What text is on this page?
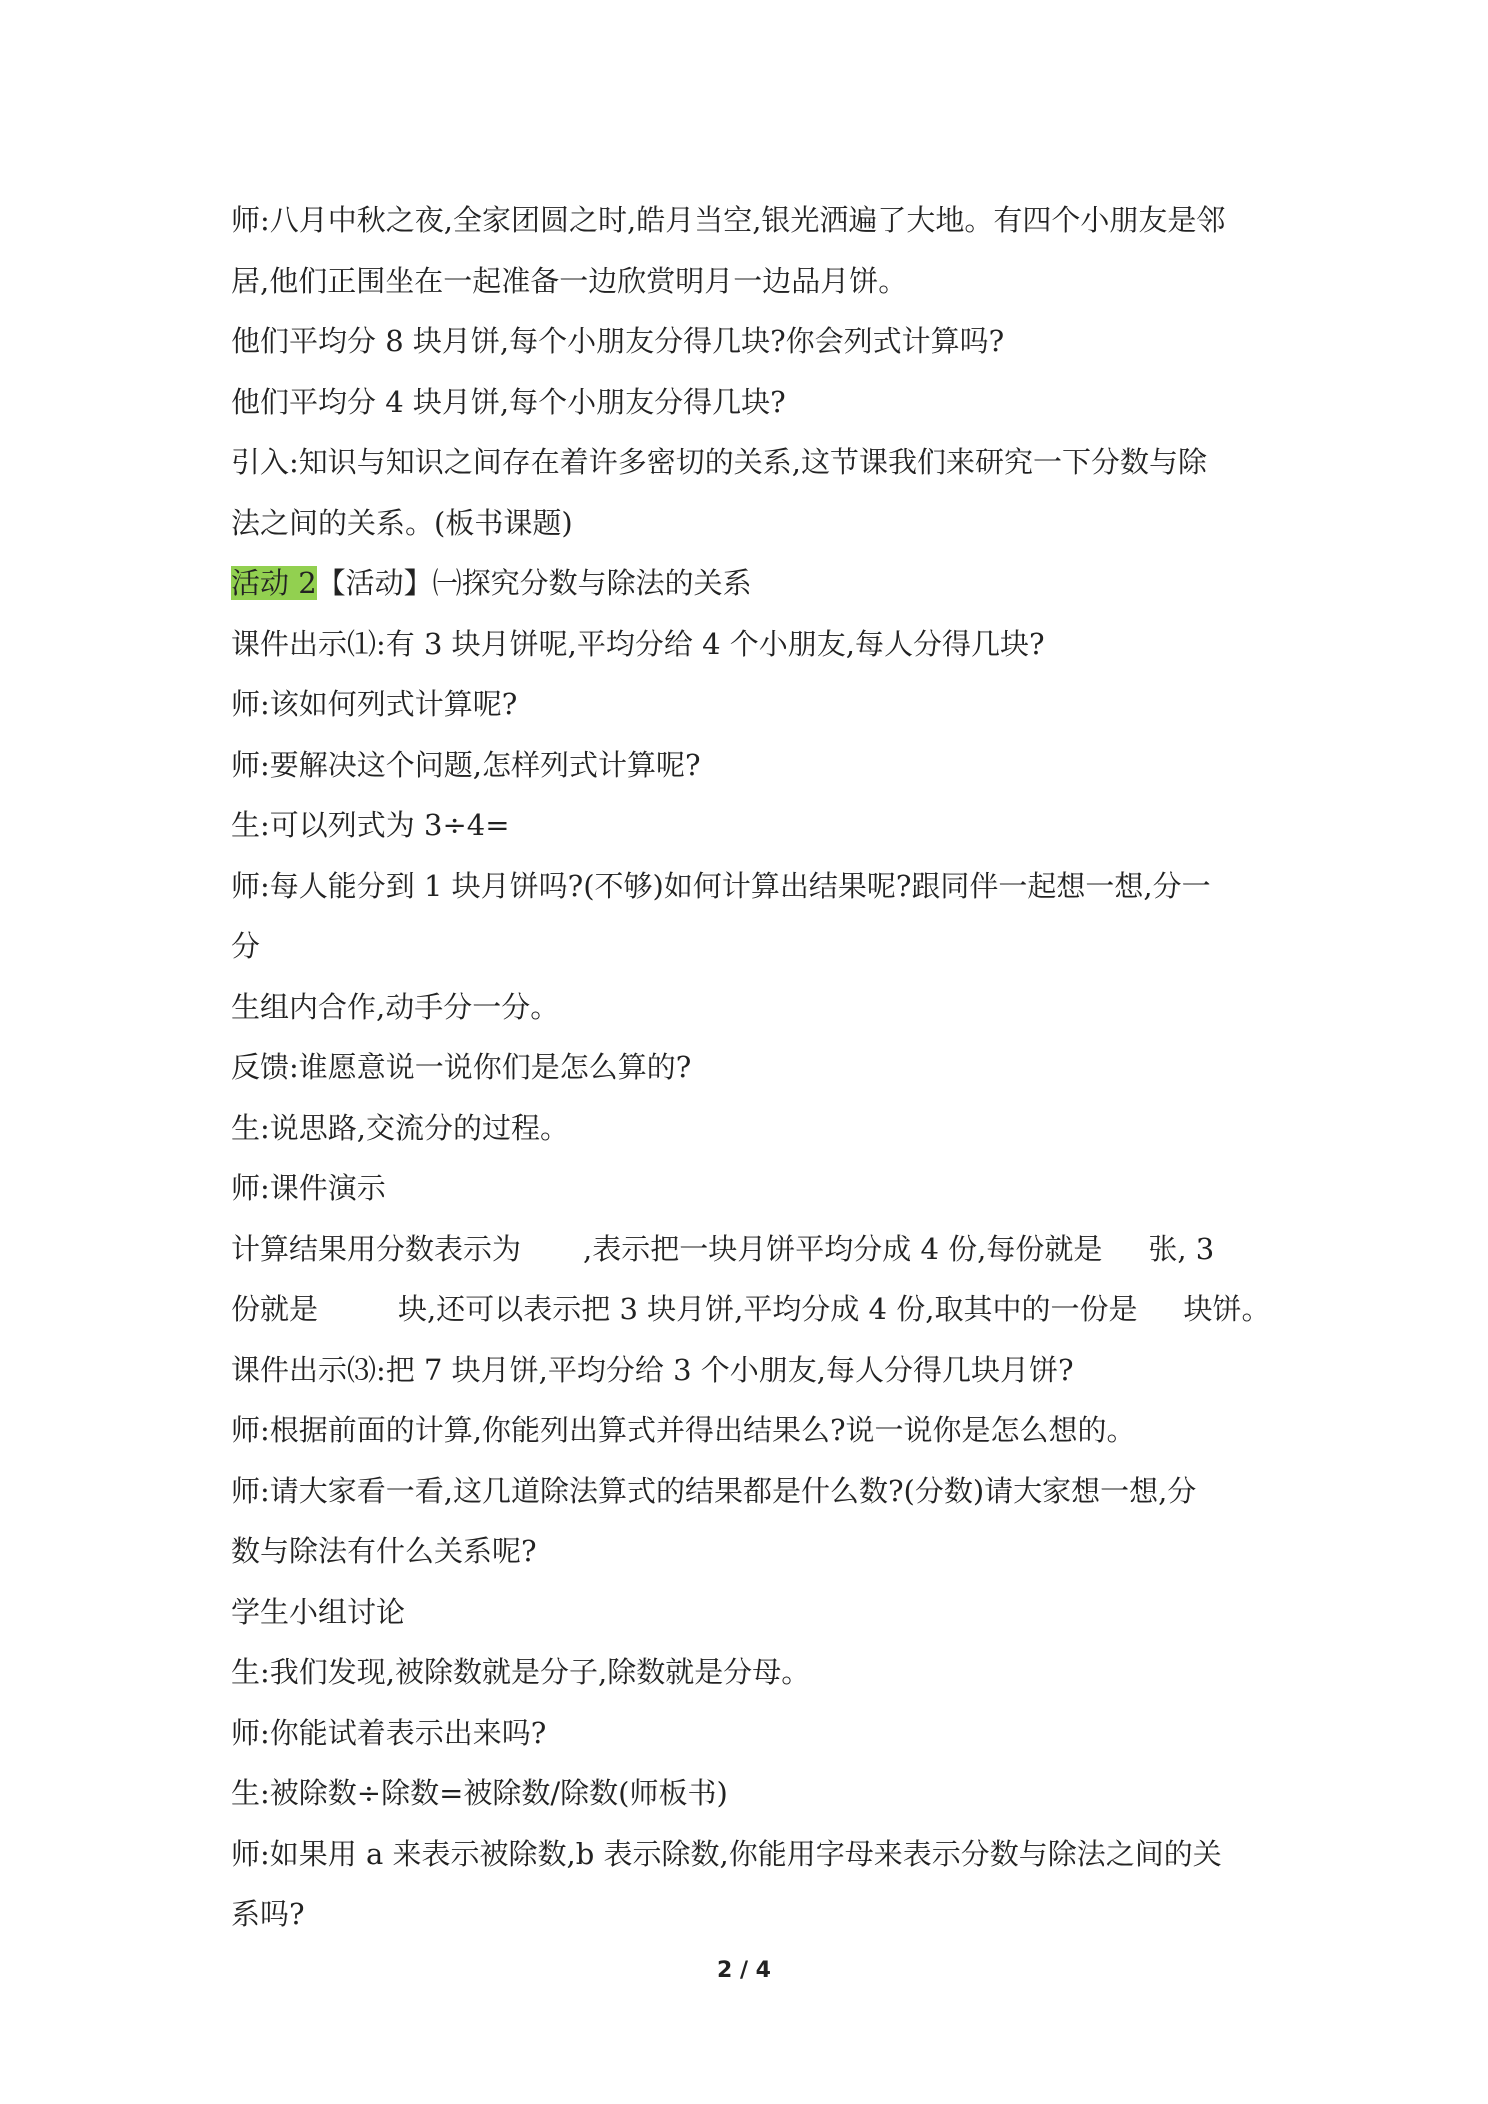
师:八月中秋之夜,全家团圆之时,皓月当空,银光洒遍了大地。有四个小朋友是邻
居,他们正围坐在一起准备一边欣赏明月一边品月饼。
他们平均分 8 块月饼,每个小朋友分得几块?你会列式计算吗?
他们平均分 4 块月饼,每个小朋友分得几块?
引入:知识与知识之间存在着许多密切的关系,这节课我们来研究一下分数与除
法之间的关系。(板书课题)
活动 2【活动】㈠探究分数与除法的关系
课件出示⑴:有 3 块月饼呢,平均分给 4 个小朋友,每人分得几块?
师:该如何列式计算呢?
师:要解决这个问题,怎样列式计算呢?
生:可以列式为 3÷4=
师:每人能分到 1 块月饼吗?(不够)如何计算出结果呢?跟同伴一起想一想,分一
分
生组内合作,动手分一分。
反馈:谁愿意说一说你们是怎么算的?
生:说思路,交流分的过程。
师:课件演示
计算结果用分数表示为 ,表示把一块月饼平均分成 4 份,每份就是 张, 3
份就是	块,还可以表示把 3 块月饼,平均分成 4 份,取其中的一份是 块饼。
课件出示⑶:把 7 块月饼,平均分给 3 个小朋友,每人分得几块月饼?
师:根据前面的计算,你能列出算式并得出结果么?说一说你是怎么想的。
师:请大家看一看,这几道除法算式的结果都是什么数?(分数)请大家想一想,分
数与除法有什么关系呢?
学生小组讨论
生:我们发现,被除数就是分子,除数就是分母。
师:你能试着表示出来吗?
生:被除数÷除数=被除数/除数(师板书)
师:如果用 a 来表示被除数,b 表示除数,你能用字母来表示分数与除法之间的关
系吗?
2 / 4
